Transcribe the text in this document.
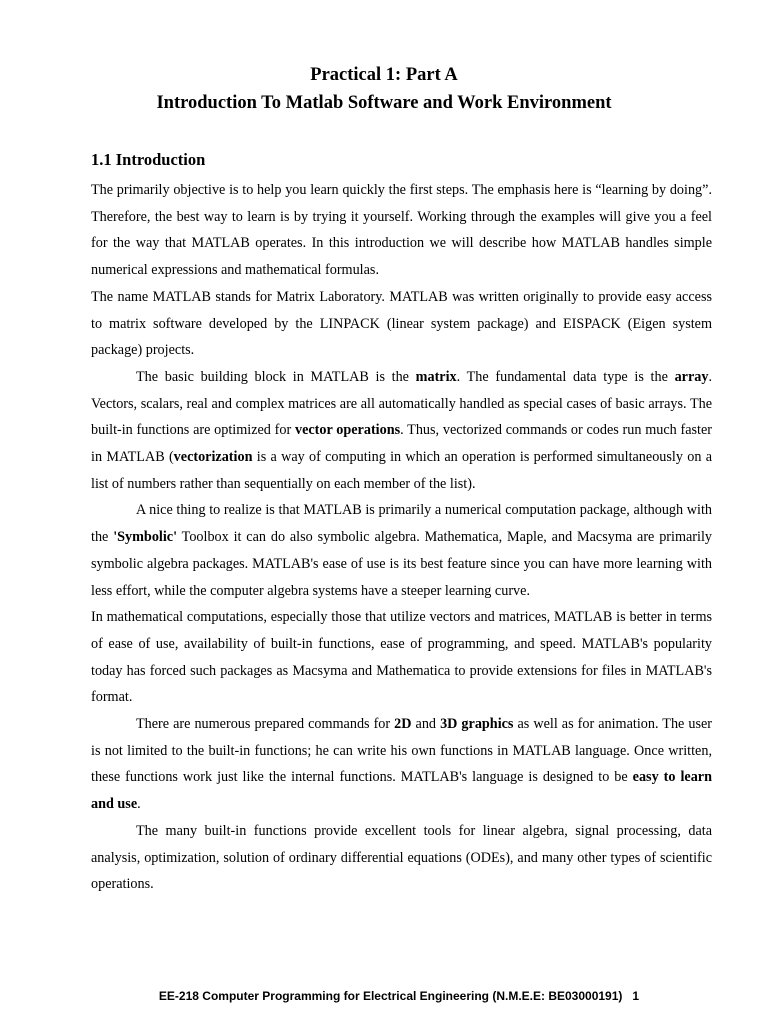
Practical 1: Part A
Introduction To Matlab Software and Work Environment
1.1 Introduction

The primarily objective is to help you learn quickly the first steps. The emphasis here is “learning by doing”. Therefore, the best way to learn is by trying it yourself. Working through the examples will give you a feel for the way that MATLAB operates. In this introduction we will describe how MATLAB handles simple numerical expressions and mathematical formulas.

The name MATLAB stands for Matrix Laboratory. MATLAB was written originally to provide easy access to matrix software developed by the LINPACK (linear system package) and EISPACK (Eigen system package) projects.

The basic building block in MATLAB is the matrix. The fundamental data type is the array. Vectors, scalars, real and complex matrices are all automatically handled as special cases of basic arrays. The built-in functions are optimized for vector operations. Thus, vectorized commands or codes run much faster in MATLAB (vectorization is a way of computing in which an operation is performed simultaneously on a list of numbers rather than sequentially on each member of the list).

A nice thing to realize is that MATLAB is primarily a numerical computation package, although with the 'Symbolic' Toolbox it can do also symbolic algebra. Mathematica, Maple, and Macsyma are primarily symbolic algebra packages. MATLAB's ease of use is its best feature since you can have more learning with less effort, while the computer algebra systems have a steeper learning curve.

In mathematical computations, especially those that utilize vectors and matrices, MATLAB is better in terms of ease of use, availability of built-in functions, ease of programming, and speed. MATLAB's popularity today has forced such packages as Macsyma and Mathematica to provide extensions for files in MATLAB's format.

There are numerous prepared commands for 2D and 3D graphics as well as for animation. The user is not limited to the built-in functions; he can write his own functions in MATLAB language. Once written, these functions work just like the internal functions. MATLAB's language is designed to be easy to learn and use.

The many built-in functions provide excellent tools for linear algebra, signal processing, data analysis, optimization, solution of ordinary differential equations (ODEs), and many other types of scientific operations.

EE-218 Computer Programming for Electrical Engineering (N.M.E.E: BE03000191) 1
